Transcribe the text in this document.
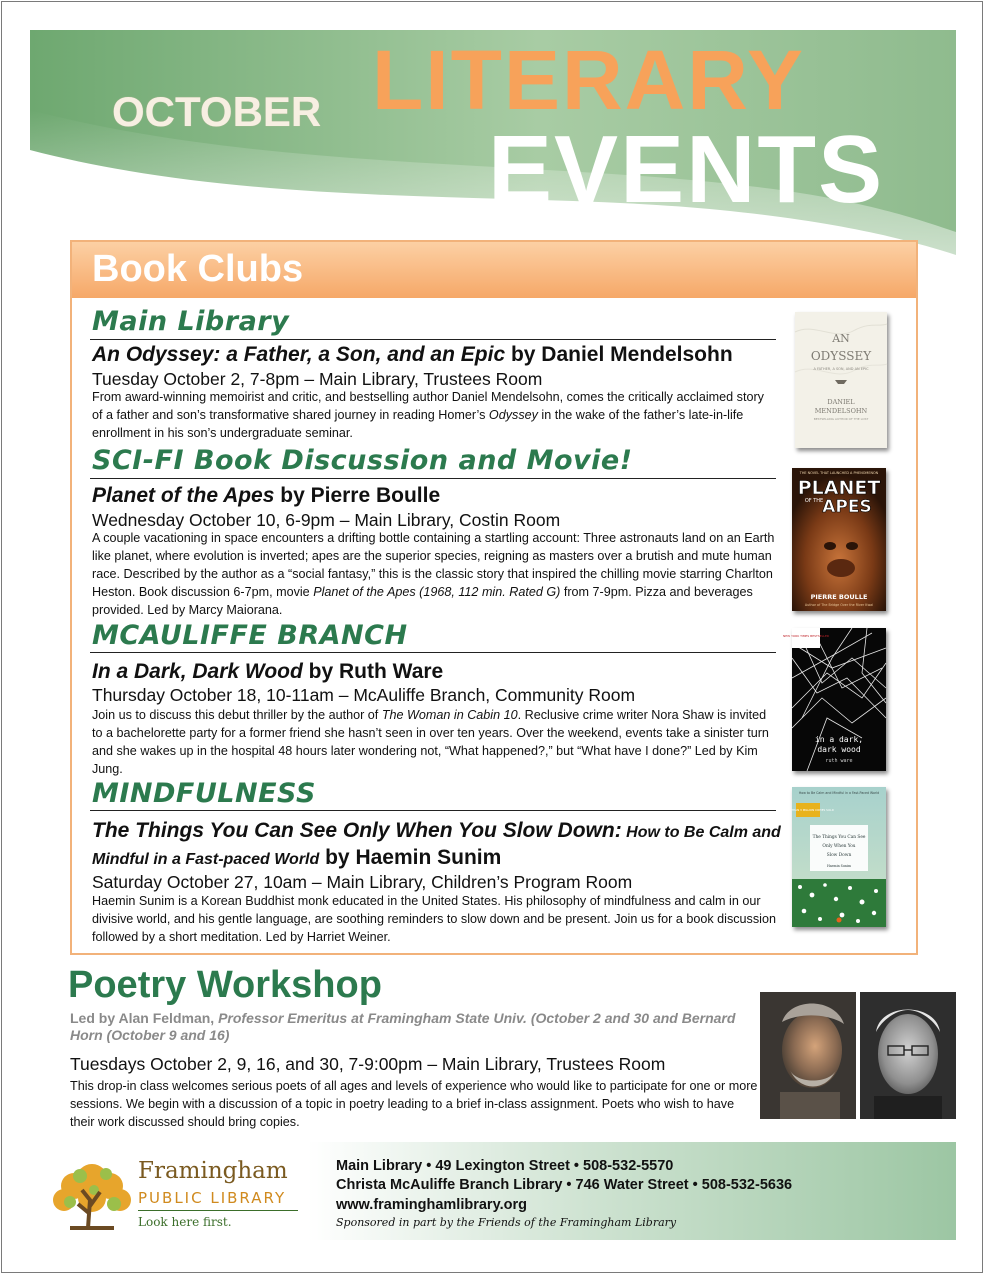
OCTOBER LITERARY
EVENTS
Book Clubs
Main Library
An Odyssey: a Father, a Son, and an Epic by Daniel Mendelsohn
Tuesday October 2, 7-8pm – Main Library, Trustees Room
From award-winning memoirist and critic, and bestselling author Daniel Mendelsohn, comes the critically acclaimed story of a father and son’s transformative shared journey in reading Homer’s Odyssey in the wake of the father’s late-in-life enrollment in his son’s undergraduate seminar.
SCI-FI Book Discussion and Movie!
Planet of the Apes by Pierre Boulle
Wednesday October 10, 6-9pm – Main Library, Costin Room
A couple vacationing in space encounters a drifting bottle containing a startling account: Three astronauts land on an Earth like planet, where evolution is inverted; apes are the superior species, reigning as masters over a brutish and mute human race. Described by the author as a “social fantasy,” this is the classic story that inspired the chilling movie starring Charlton Heston. Book discussion 6-7pm, movie Planet of the Apes (1968, 112 min. Rated G) from 7-9pm. Pizza and beverages provided. Led by Marcy Maiorana.
MCAULIFFE BRANCH
In a Dark, Dark Wood by Ruth Ware
Thursday October 18, 10-11am – McAuliffe Branch, Community Room
Join us to discuss this debut thriller by the author of The Woman in Cabin 10. Reclusive crime writer Nora Shaw is invited to a bachelorette party for a former friend she hasn’t seen in over ten years. Over the weekend, events take a sinister turn and she wakes up in the hospital 48 hours later wondering not, “What happened?,” but “What have I done?” Led by Kim Jung.
MINDFULNESS
The Things You Can See Only When You Slow Down: How to Be Calm and
Mindful in a Fast-paced World by Haemin Sunim
Saturday October 27, 10am – Main Library, Children’s Program Room
Haemin Sunim is a Korean Buddhist monk educated in the United States. His philosophy of mindfulness and calm in our divisive world, and his gentle language, are soothing reminders to slow down and be present. Join us for a book discussion followed by a short meditation. Led by Harriet Weiner.
AN
ODYSSEY
A FATHER, A SON, AND AN EPIC
DANIEL
MENDELSOHN
BESTSELLING AUTHOR OF THE LOST
THE NOVEL THAT LAUNCHED A PHENOMENON
PLANET
OF THE APES
PIERRE BOULLE
Author of The Bridge Over the River Kwai
NEW YORK TIMES BESTSELLER
in a dark,
dark wood
ruth ware
How to Be Calm and Mindful in a Fast-Paced World
MORE THAN 3 MILLION COPIES SOLD
The Things You Can See
Only When You
Slow Down
Haemin Sunim
Poetry Workshop
Led by Alan Feldman, Professor Emeritus at Framingham State Univ. (October 2 and 30 and Bernard Horn (October 9 and 16)
Tuesdays October 2, 9, 16, and 30, 7-9:00pm – Main Library, Trustees Room
This drop-in class welcomes serious poets of all ages and levels of experience who would like to participate for one or more sessions. We begin with a discussion of a topic in poetry leading to a brief in-class assignment. Poets who wish to have their work discussed should bring copies.
Framingham
PUBLIC LIBRARY
Look here first.
Main Library • 49 Lexington Street • 508-532-5570
Christa McAuliffe Branch Library • 746 Water Street • 508-532-5636
www.framinghamlibrary.org
Sponsored in part by the Friends of the Framingham Library
